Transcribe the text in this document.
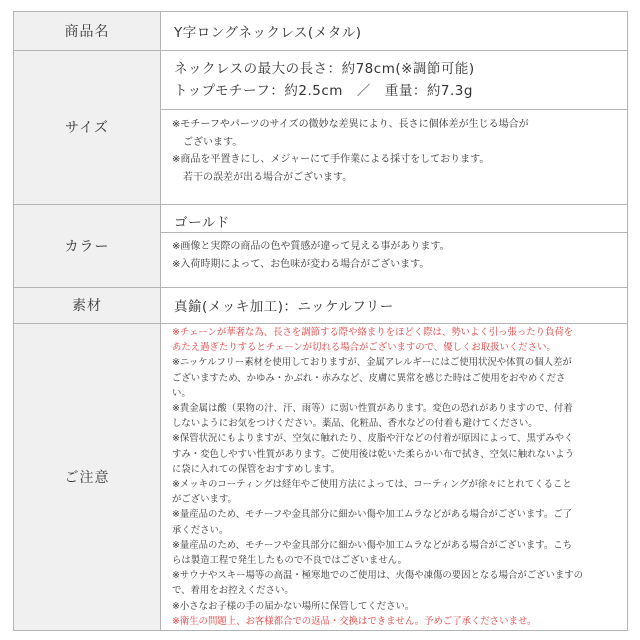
商品名
サイズ
カラー
素材
ご注意
Y字ロングネックレス(メタル)
ネックレスの最大の長さ：約78cm(※調節可能)
トップモチーフ：約2.5cm　／　重量：約7.3g
※モチーフやパーツのサイズの微妙な差異により、長さに個体差が生じる場合が
ございます。
※商品を平置きにし、メジャーにて手作業による採寸をしております。
若干の誤差が出る場合がございます。
ゴールド
※画像と実際の商品の色や質感が違って見える事があります。
※入荷時期によって、お色味が変わる場合がございます。
真鍮(メッキ加工)：ニッケルフリー
※チェーンが華奢な為、長さを調節する際や絡まりをほどく際は、勢いよく引っ張ったり負荷を
あたえ過ぎたりするとチェーンが切れる場合がございますので、優しくお取扱いください。
※ニッケルフリー素材を使用しておりますが、金属アレルギーにはご使用状況や体質の個人差が
ございますため、かゆみ・かぶれ・赤みなど、皮膚に異常を感じた時はご使用をおやめくださ
い。
※貴金属は酸（果物の汁、汗、雨等）に弱い性質があります。変色の恐れがありますので、付着
しないようにお気をつけください。薬品、化粧品、香水などの付着も避けてください。
※保管状況にもよりますが、空気に触れたり、皮脂や汗などの付着が原因によって、黒ずみやく
すみ・変色しやすい性質があります。ご使用後は乾いた柔らかい布で拭き、空気に触れないよう
に袋に入れての保管をおすすめします。
※メッキのコーティングは経年やご使用方法によっては、コーティングが徐々にとれてくること
がございます。
※量産品のため、モチーフや金具部分に細かい傷や加工ムラなどがある場合がございます。ご了
承ください。
※量産品のため、モチーフや金具部分に細かい傷や加工ムラなどがある場合がございます。こち
らは製造工程で発生したもので不良ではございません。
※サウナやスキー場等の高温・極寒地でのご使用は、火傷や凍傷の要因となる場合がございますの
で、着用をお控えください。
※小さなお子様の手の届かない場所に保管してください。
※衛生の問題上、お客様都合での返品・交換はできません。予めご了承くださいませ。
